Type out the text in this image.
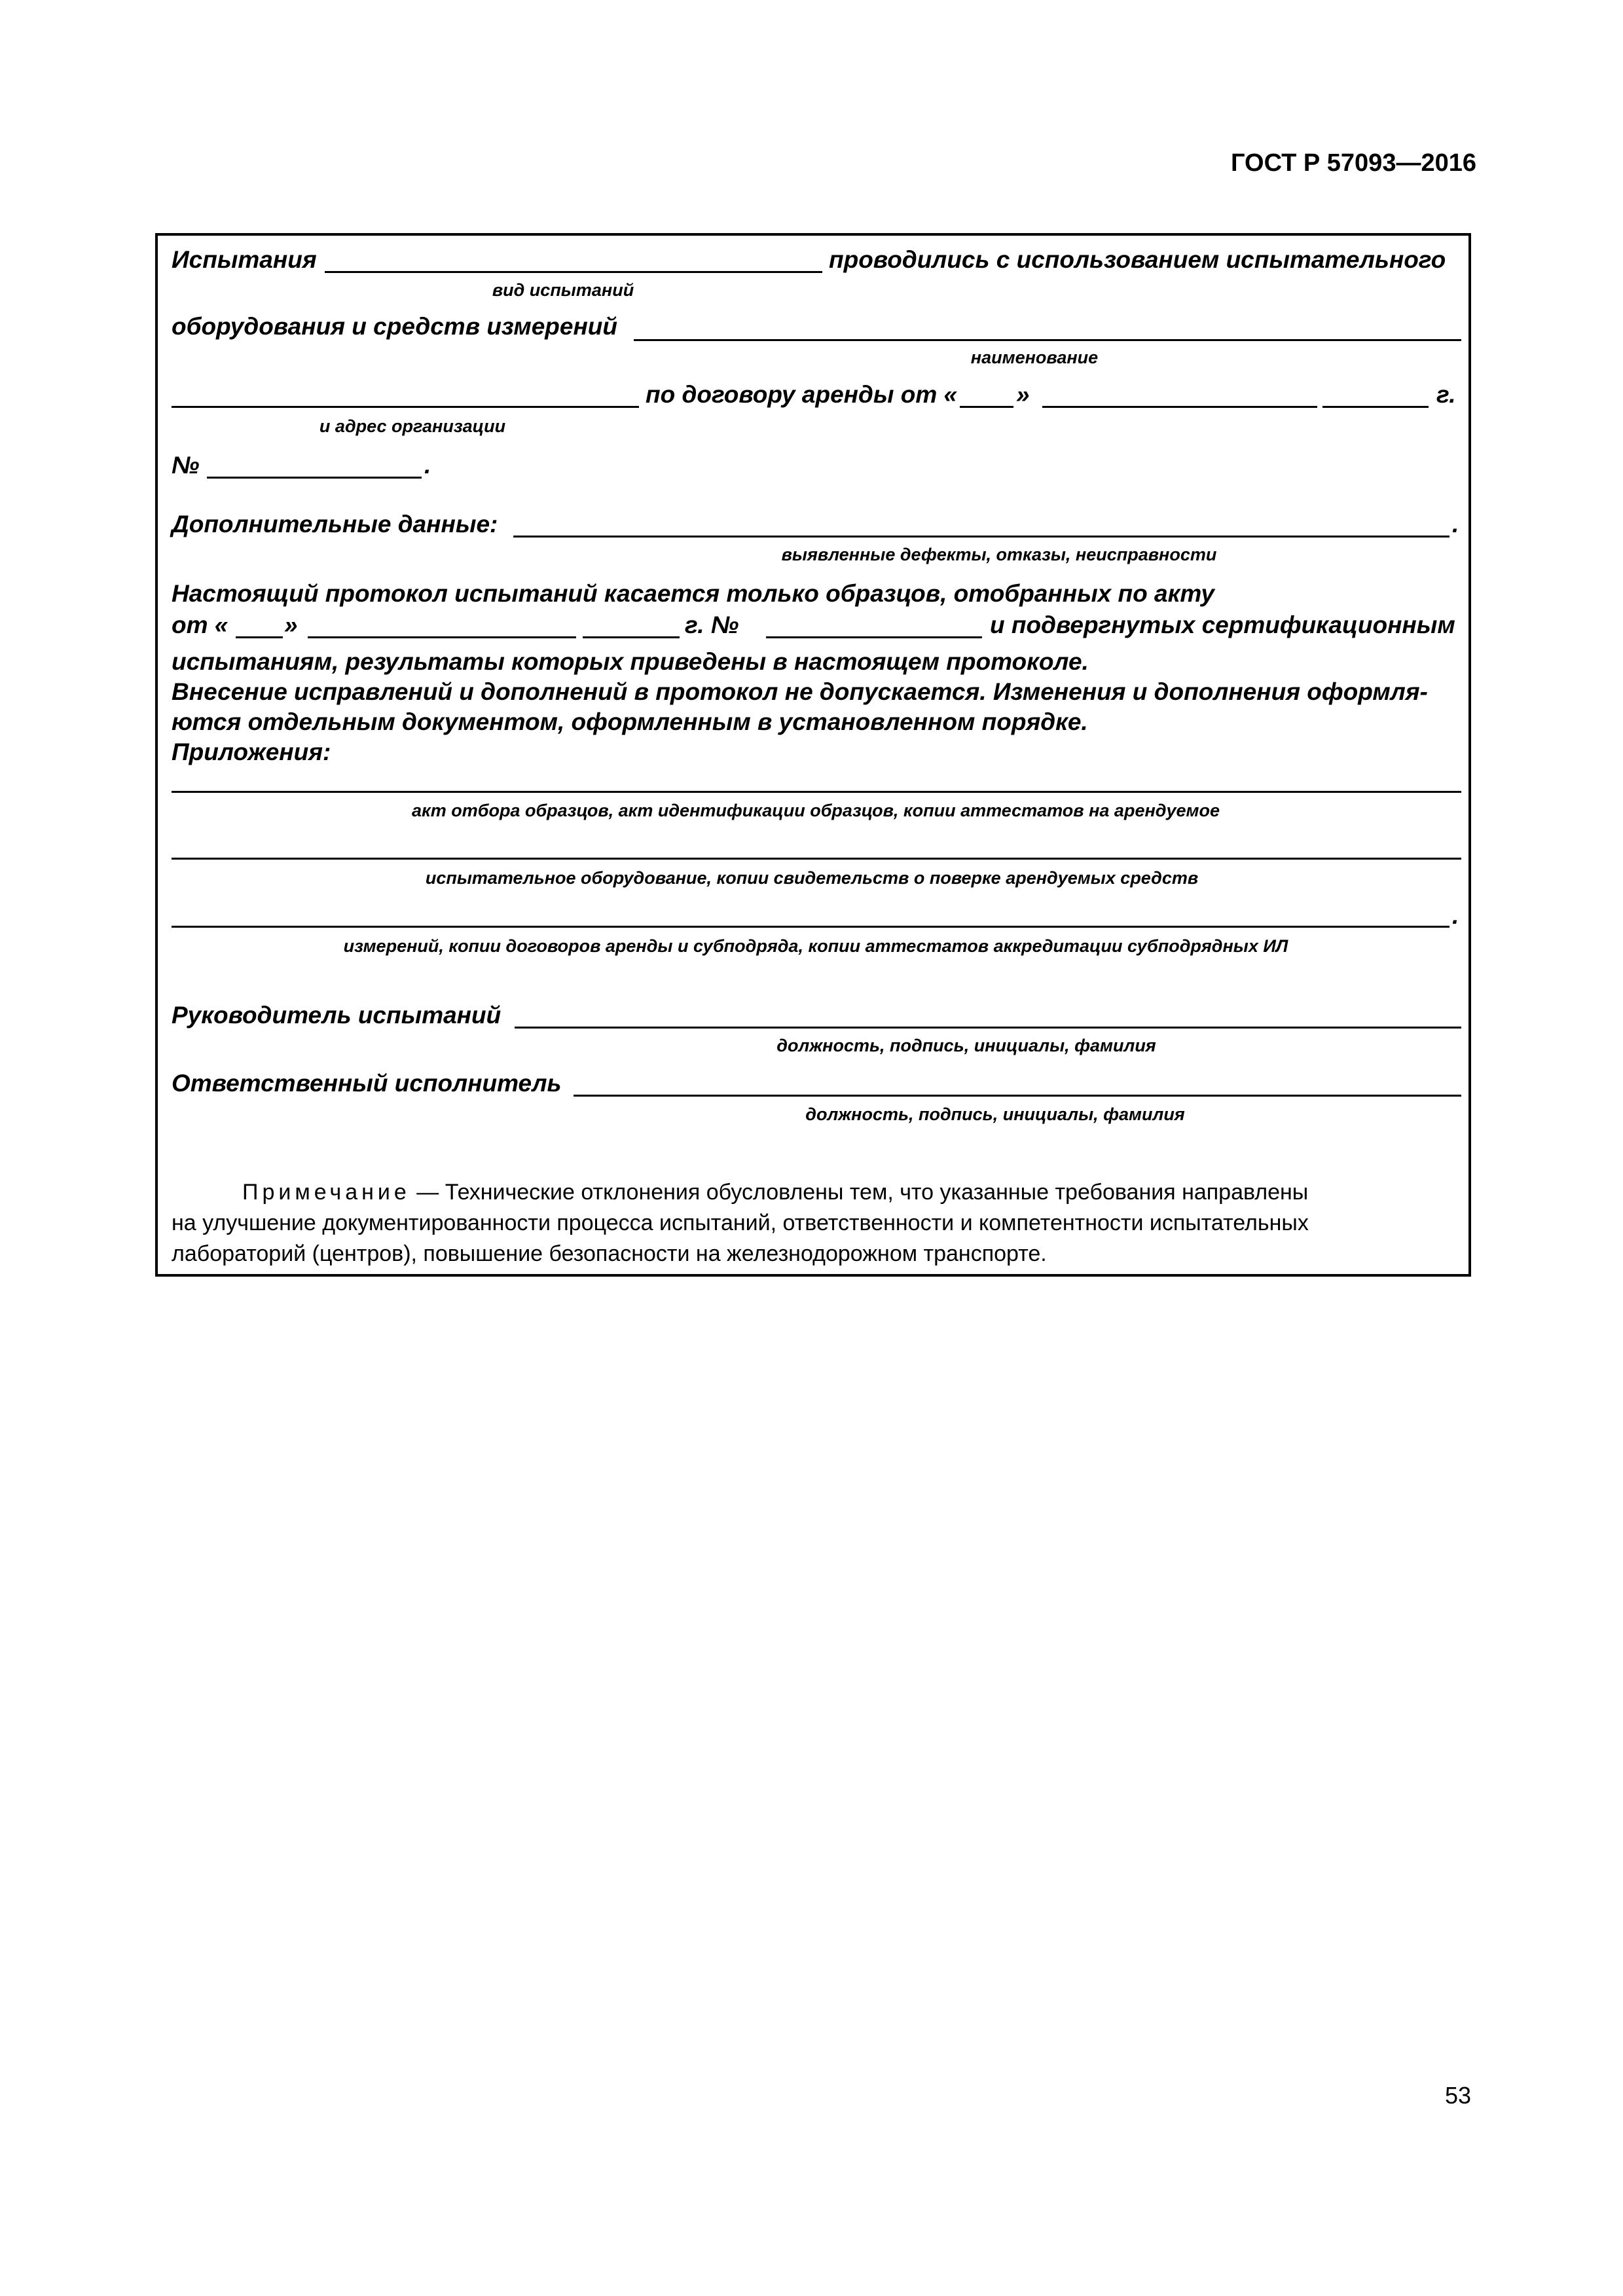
ГОСТ Р 57093—2016
Испытания	проводились с использованием испытательного
вид испытаний
оборудования и средств измерений
наименование
по договору аренды от « »	г.
и адрес организации
№	.
Дополнительные данные:	.
выявленные дефекты, отказы, неисправности
Настоящий протокол испытаний касается только образцов, отобранных по акту
от « »	г. №	и подвергнутых сертификационным
испытаниям, результаты которых приведены в настоящем протоколе.
Внесение исправлений и дополнений в протокол не допускается. Изменения и дополнения оформля-
ются отдельным документом, оформленным в установленном порядке.
Приложения:
акт отбора образцов, акт идентификации образцов, копии аттестатов на арендуемое
испытательное оборудование, копии свидетельств о поверке арендуемых средств
.
измерений, копии договоров аренды и субподряда, копии аттестатов аккредитации субподрядных ИЛ
Руководитель испытаний
должность, подпись, инициалы, фамилия
Ответственный исполнитель
должность, подпись, инициалы, фамилия
Примечание — Технические отклонения обусловлены тем, что указанные требования направлены
на улучшение документированности процесса испытаний, ответственности и компетентности испытательных
лабораторий (центров), повышение безопасности на железнодорожном транспорте.
53
